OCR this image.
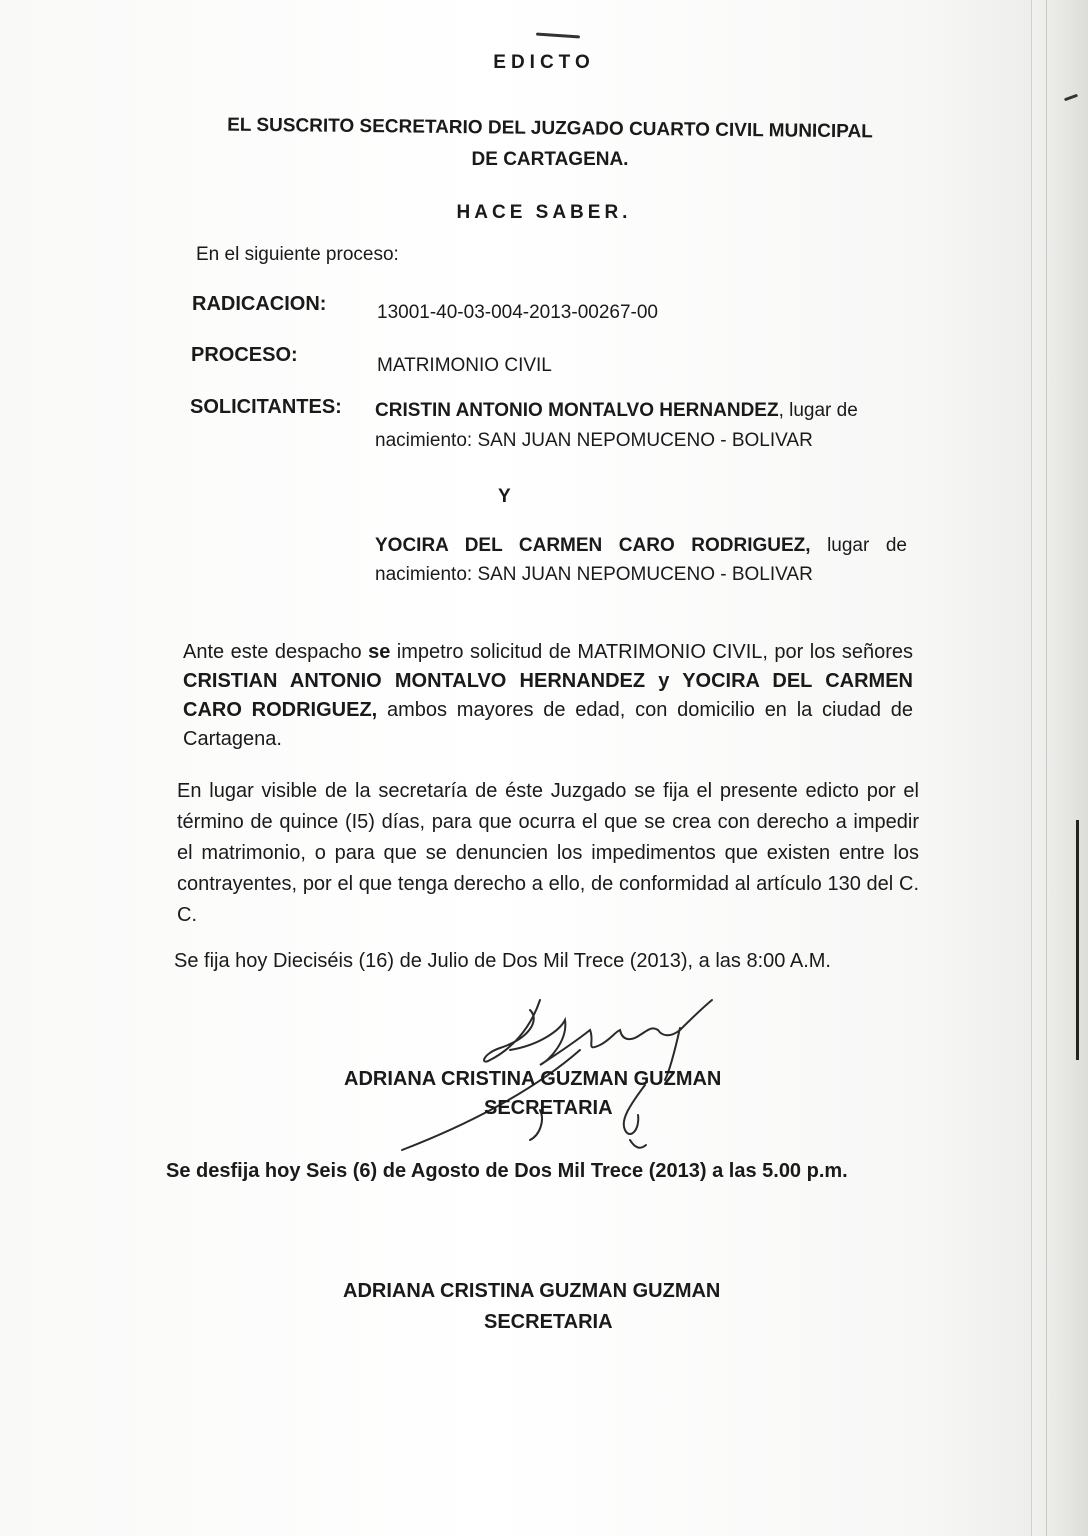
EDICTO
EL SUSCRITO SECRETARIO DEL JUZGADO CUARTO CIVIL MUNICIPAL
DE CARTAGENA.
HACE SABER.
En el siguiente proceso:
RADICACION:	13001-40-03-004-2013-00267-00
PROCESO:	MATRIMONIO CIVIL
SOLICITANTES: CRISTIN ANTONIO MONTALVO HERNANDEZ, lugar de
nacimiento: SAN JUAN NEPOMUCENO - BOLIVAR
Y
YOCIRA DEL CARMEN CARO RODRIGUEZ, lugar de
nacimiento: SAN JUAN NEPOMUCENO - BOLIVAR
Ante este despacho se impetro solicitud de MATRIMONIO CIVIL, por los señores CRISTIAN ANTONIO MONTALVO HERNANDEZ y YOCIRA DEL CARMEN CARO RODRIGUEZ, ambos mayores de edad, con domicilio en la ciudad de Cartagena.
En lugar visible de la secretaría de éste Juzgado se fija el presente edicto por el término de quince (I5) días, para que ocurra el que se crea con derecho a impedir el matrimonio, o para que se denuncien los impedimentos que existen entre los contrayentes, por el que tenga derecho a ello, de conformidad al artículo 130 del C. C.
Se fija hoy Dieciséis (16) de Julio de Dos Mil Trece (2013), a las 8:00 A.M.
ADRIANA CRISTINA GUZMAN GUZMAN
SECRETARIA
Se desfija hoy Seis (6) de Agosto de Dos Mil Trece (2013) a las 5.00 p.m.
ADRIANA CRISTINA GUZMAN GUZMAN
SECRETARIA
